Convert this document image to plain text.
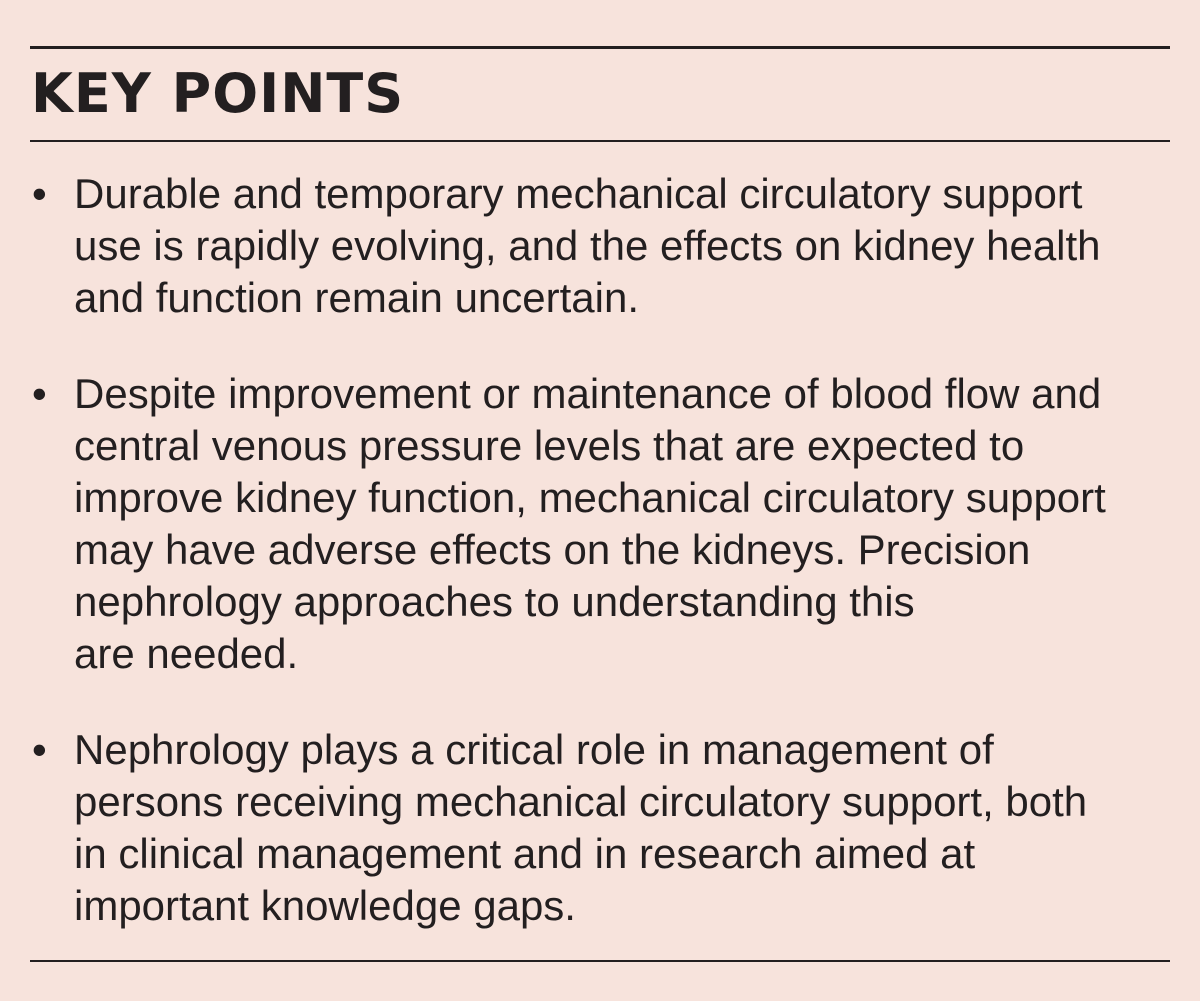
KEY POINTS
• Durable and temporary mechanical circulatory support
use is rapidly evolving, and the effects on kidney health
and function remain uncertain.
• Despite improvement or maintenance of blood flow and
central venous pressure levels that are expected to
improve kidney function, mechanical circulatory support
may have adverse effects on the kidneys. Precision
nephrology approaches to understanding this
are needed.
• Nephrology plays a critical role in management of
persons receiving mechanical circulatory support, both
in clinical management and in research aimed at
important knowledge gaps.
